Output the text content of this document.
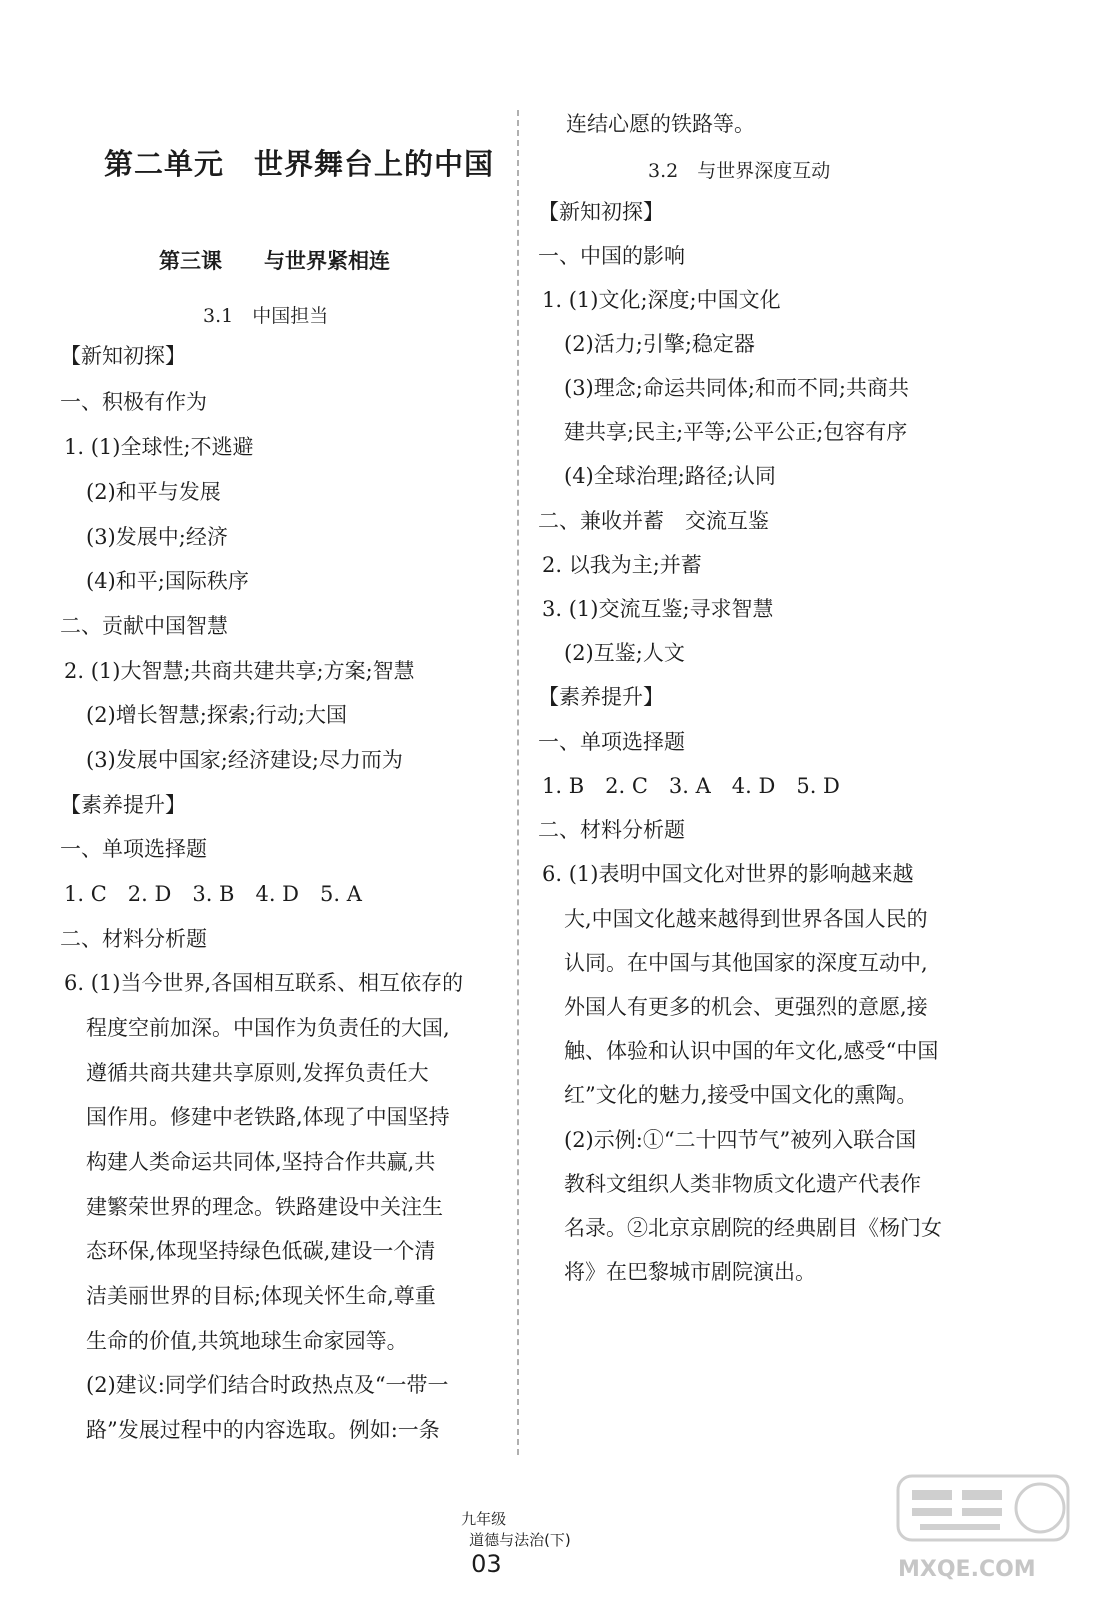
第二单元　世界舞台上的中国
第三课　　与世界紧相连
3.1　中国担当
【新知初探】
一、积极有作为
1. (1)全球性;不逃避
(2)和平与发展
(3)发展中;经济
(4)和平;国际秩序
二、贡献中国智慧
2. (1)大智慧;共商共建共享;方案;智慧
(2)增长智慧;探索;行动;大国
(3)发展中国家;经济建设;尽力而为
【素养提升】
一、单项选择题
1. C　2. D　3. B　4. D　5. A
二、材料分析题
6. (1)当今世界,各国相互联系、相互依存的
程度空前加深。中国作为负责任的大国,
遵循共商共建共享原则,发挥负责任大
国作用。修建中老铁路,体现了中国坚持
构建人类命运共同体,坚持合作共赢,共
建繁荣世界的理念。铁路建设中关注生
态环保,体现坚持绿色低碳,建设一个清
洁美丽世界的目标;体现关怀生命,尊重
生命的价值,共筑地球生命家园等。
(2)建议:同学们结合时政热点及“一带一
路”发展过程中的内容选取。例如:一条
连结心愿的铁路等。
3.2　与世界深度互动
【新知初探】
一、中国的影响
1. (1)文化;深度;中国文化
(2)活力;引擎;稳定器
(3)理念;命运共同体;和而不同;共商共
建共享;民主;平等;公平公正;包容有序
(4)全球治理;路径;认同
二、兼收并蓄　交流互鉴
2. 以我为主;并蓄
3. (1)交流互鉴;寻求智慧
(2)互鉴;人文
【素养提升】
一、单项选择题
1. B　2. C　3. A　4. D　5. D
二、材料分析题
6. (1)表明中国文化对世界的影响越来越
大,中国文化越来越得到世界各国人民的
认同。在中国与其他国家的深度互动中,
外国人有更多的机会、更强烈的意愿,接
触、体验和认识中国的年文化,感受“中国
红”文化的魅力,接受中国文化的熏陶。
(2)示例:①“二十四节气”被列入联合国
教科文组织人类非物质文化遗产代表作
名录。②北京京剧院的经典剧目《杨门女
将》在巴黎城市剧院演出。

九年级
道德与法治(下)
03
	MXQE.COM
